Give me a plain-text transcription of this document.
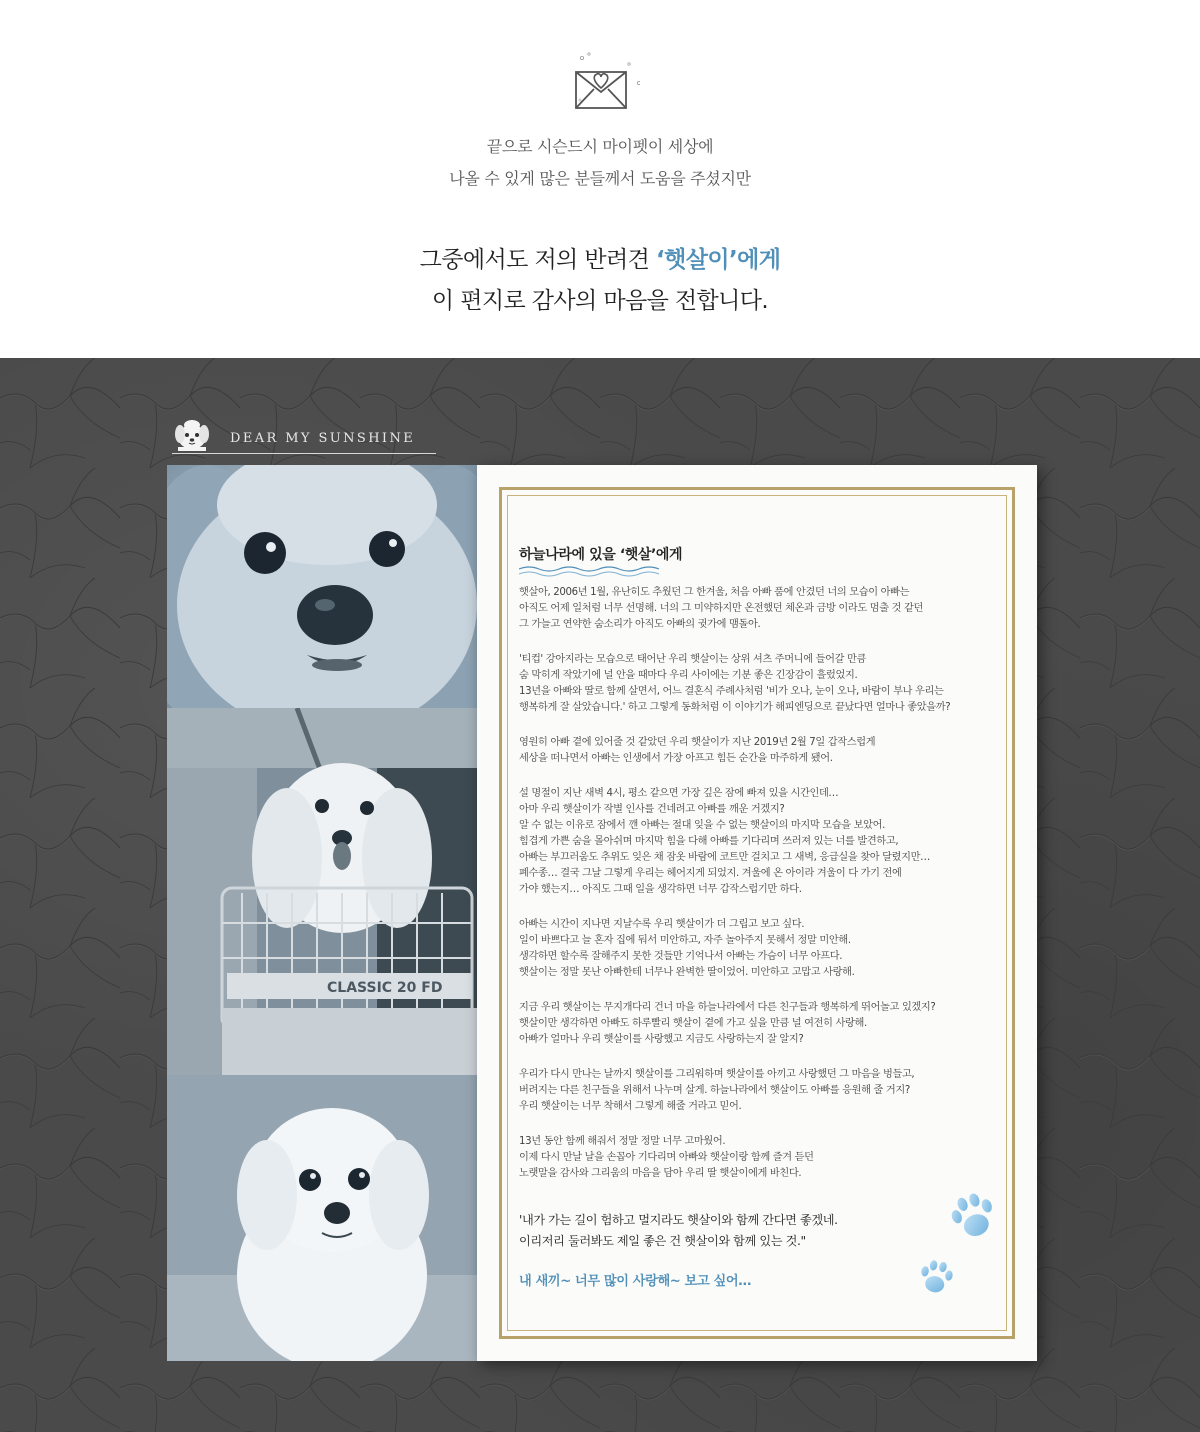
끝으로 시슨드시 마이펫이 세상에
나올 수 있게 많은 분들께서 도움을 주셨지만
그중에서도 저의 반려견 ‘햇살이’에게
이 편지로 감사의 마음을 전합니다.
DEAR MY SUNSHINE
CLASSIC 20 FD
하늘나라에 있을 ‘햇살’에게
햇살아, 2006년 1월, 유난히도 추웠던 그 한겨울, 처음 아빠 품에 안겼던 너의 모습이 아빠는
아직도 어제 일처럼 너무 선명해. 너의 그 미약하지만 온전했던 체온과 금방 이라도 멈출 것 같던
그 가늘고 연약한 숨소리가 아직도 아빠의 귓가에 맴돌아.
'티컵' 강아지라는 모습으로 태어난 우리 햇살이는 상위 셔츠 주머니에 들어갈 만큼
숨 막히게 작았기에 널 안을 때마다 우리 사이에는 기분 좋은 긴장감이 흘렀었지.
13년을 아빠와 딸로 함께 살면서, 어느 결혼식 주례사처럼 '비가 오나, 눈이 오나, 바람이 부나 우리는
행복하게 잘 살았습니다.' 하고 그렇게 동화처럼 이 이야기가 해피엔딩으로 끝났다면 얼마나 좋았을까?
영원히 아빠 곁에 있어줄 것 같았던 우리 햇살이가 지난 2019년 2월 7일 갑작스럽게
세상을 떠나면서 아빠는 인생에서 가장 아프고 힘든 순간을 마주하게 됐어.
설 명절이 지난 새벽 4시, 평소 같으면 가장 깊은 잠에 빠져 있을 시간인데…
아마 우리 햇살이가 작별 인사를 건네려고 아빠를 깨운 거겠지?
알 수 없는 이유로 잠에서 깬 아빠는 절대 잊을 수 없는 햇살이의 마지막 모습을 보았어.
힘겹게 가쁜 숨을 몰아쉬며 마지막 힘을 다해 아빠를 기다리며 쓰러져 있는 너를 발견하고,
아빠는 부끄러움도 추위도 잊은 채 잠옷 바람에 코트만 걸치고 그 새벽, 응급실을 찾아 달렸지만…
폐수종… 결국 그날 그렇게 우리는 헤어지게 되었지. 겨울에 온 아이라 겨울이 다 가기 전에
가야 했는지… 아직도 그때 일을 생각하면 너무 갑작스럽기만 하다.
아빠는 시간이 지나면 지날수록 우리 햇살이가 더 그립고 보고 싶다.
일이 바쁘다고 늘 혼자 집에 둬서 미안하고, 자주 놀아주지 못해서 정말 미안해.
생각하면 할수록 잘해주지 못한 것들만 기억나서 아빠는 가슴이 너무 아프다.
햇살이는 정말 못난 아빠한테 너무나 완벽한 딸이었어. 미안하고 고맙고 사랑해.
지금 우리 햇살이는 무지개다리 건너 마을 하늘나라에서 다른 친구들과 행복하게 뛰어놀고 있겠지?
햇살이만 생각하면 아빠도 하루빨리 햇살이 곁에 가고 싶을 만큼 널 여전히 사랑해.
아빠가 얼마나 우리 햇살이를 사랑했고 지금도 사랑하는지 잘 알지?
우리가 다시 만나는 날까지 햇살이를 그리워하며 햇살이를 아끼고 사랑했던 그 마음을 벙들고,
버려지는 다른 친구들을 위해서 나누며 살게. 하늘나라에서 햇살이도 아빠를 응원해 줄 거지?
우리 햇살이는 너무 착해서 그렇게 해줄 거라고 믿어.
13년 동안 함께 해줘서 정말 정말 너무 고마웠어.
이제 다시 만날 날을 손꼽아 기다리며 아빠와 햇살이랑 함께 즐겨 듣던
노랫말을 감사와 그리움의 마음을 담아 우리 딸 햇살이에게 바친다.
'내가 가는 길이 험하고 멀지라도 햇살이와 함께 간다면 좋겠네.
이리저리 둘러봐도 제일 좋은 건 햇살이와 함께 있는 것."
내 새끼~ 너무 많이 사랑해~ 보고 싶어…
